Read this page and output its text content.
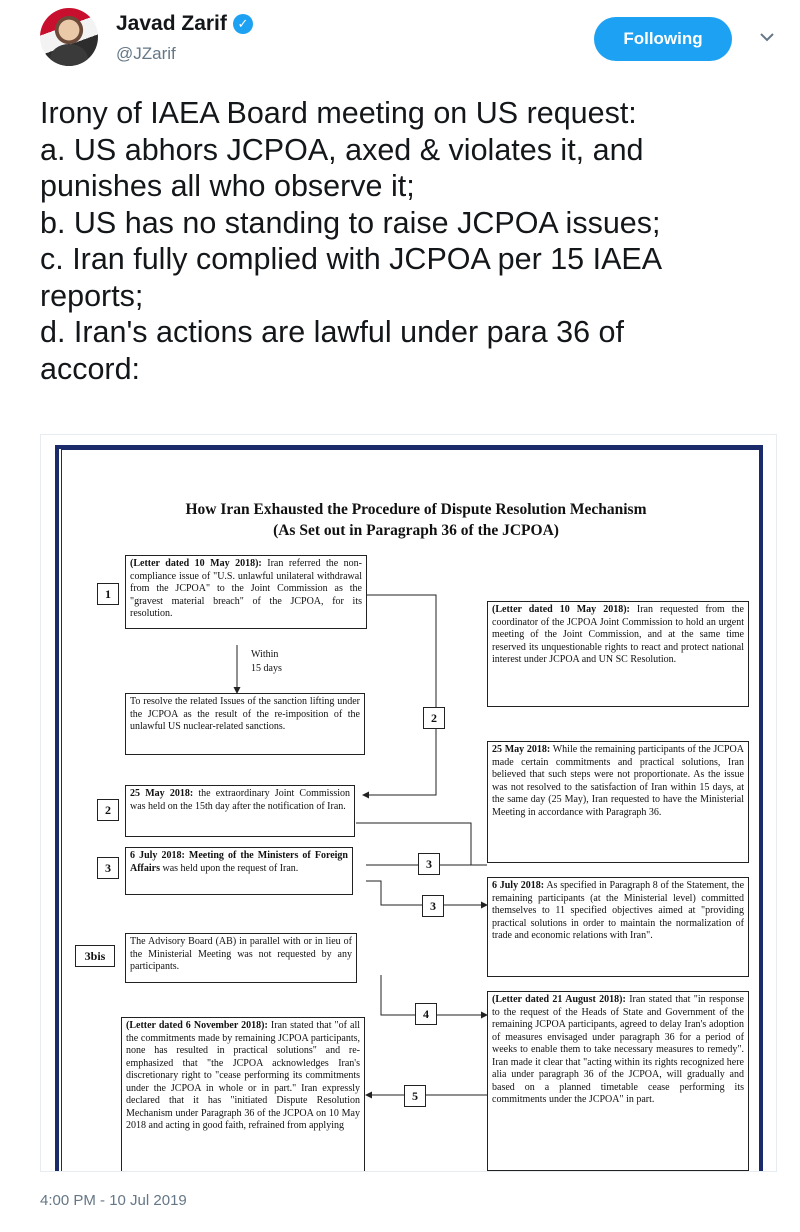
Javad Zarif ✓
@JZarif
Following
Irony of IAEA Board meeting on US request:
a. US abhors JCPOA, axed & violates it, and
punishes all who observe it;
b. US has no standing to raise JCPOA issues;
c. Iran fully complied with JCPOA per 15 IAEA
reports;
d. Iran's actions are lawful under para 36 of
accord:
How Iran Exhausted the Procedure of Dispute Resolution Mechanism
(As Set out in Paragraph 36 of the JCPOA)
1
(Letter dated 10 May 2018): Iran referred the non-compliance issue of "U.S. unlawful unilateral withdrawal from the JCPOA" to the Joint Commission as the "gravest material breach" of the JCPOA, for its resolution.
Within
15 days
To resolve the related Issues of the sanction lifting under the JCPOA as the result of the re-imposition of the unlawful US nuclear-related sanctions.
2
2
25 May 2018: the extraordinary Joint Commission was held on the 15th day after the notification of Iran.
3
6 July 2018: Meeting of the Ministers of Foreign Affairs was held upon the request of Iran.	3
3
3bis
The Advisory Board (AB) in parallel with or in lieu of the Ministerial Meeting was not requested by any participants.
4
(Letter dated 6 November 2018): Iran stated that "of all the commitments made by remaining JCPOA participants, none has resulted in practical solutions" and re-emphasized that "the JCPOA acknowledges Iran's discretionary right to "cease performing its commitments under the JCPOA in whole or in part." Iran expressly declared that it has "initiated Dispute Resolution Mechanism under Paragraph 36 of the JCPOA on 10 May 2018 and acting in good faith, refrained from applying
5
(Letter dated 10 May 2018): Iran requested from the coordinator of the JCPOA Joint Commission to hold an urgent meeting of the Joint Commission, and at the same time reserved its unquestionable rights to react and protect national interest under JCPOA and UN SC Resolution.
25 May 2018: While the remaining participants of the JCPOA made certain commitments and practical solutions, Iran believed that such steps were not proportionate. As the issue was not resolved to the satisfaction of Iran within 15 days, at the same day (25 May), Iran requested to have the Ministerial Meeting in accordance with Paragraph 36.
6 July 2018: As specified in Paragraph 8 of the Statement, the remaining participants (at the Ministerial level) committed themselves to 11 specified objectives aimed at "providing practical solutions in order to maintain the normalization of trade and economic relations with Iran".
(Letter dated 21 August 2018): Iran stated that "in response to the request of the Heads of State and Government of the remaining JCPOA participants, agreed to delay Iran's adoption of measures envisaged under paragraph 36 for a period of weeks to enable them to take necessary measures to remedy". Iran made it clear that "acting within its rights recognized here alia under paragraph 36 of the JCPOA, will gradually and based on a planned timetable cease performing its commitments under the JCPOA" in part.
4:00 PM - 10 Jul 2019
